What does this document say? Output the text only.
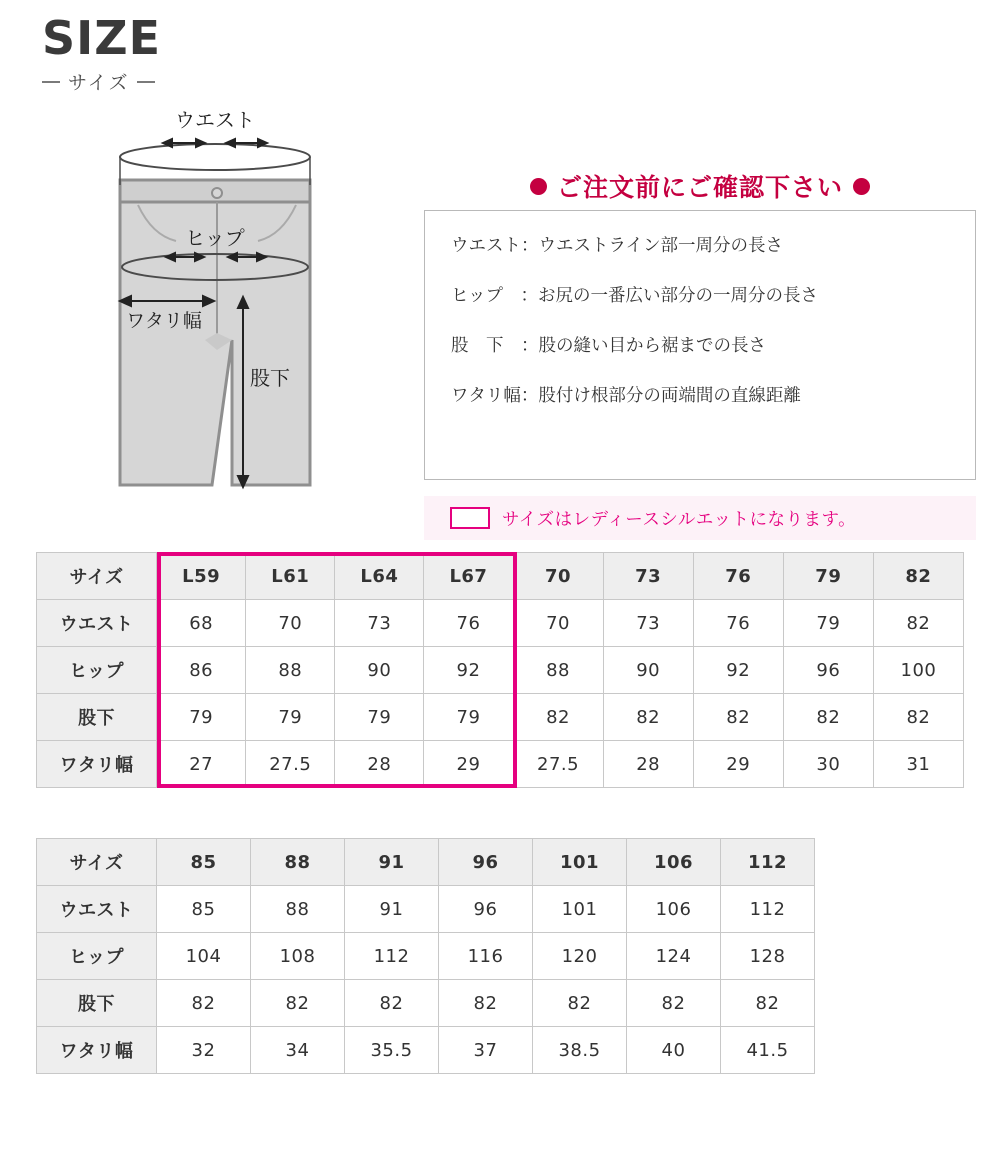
SIZE
サイズ
ウエスト
ヒップ
ワタリ幅
股下
ご注文前にご確認下さい
ウエスト：ウエストライン部一周分の長さ
ヒップ　：お尻の一番広い部分の一周分の長さ
股　下　：股の縫い目から裾までの長さ
ワタリ幅：股付け根部分の両端間の直線距離
サイズはレディースシルエットになります。
サイズ	L59	L61	L64	L67	70	73	76	79	82
ウエスト	68	70	73	76	70	73	76	79	82
ヒップ	86	88	90	92	88	90	92	96	100
股下	79	79	79	79	82	82	82	82	82
ワタリ幅	27	27.5	28	29	27.5	28	29	30	31
サイズ	85	88	91	96	101	106	112
ウエスト	85	88	91	96	101	106	112
ヒップ	104	108	112	116	120	124	128
股下	82	82	82	82	82	82	82
ワタリ幅	32	34	35.5	37	38.5	40	41.5
